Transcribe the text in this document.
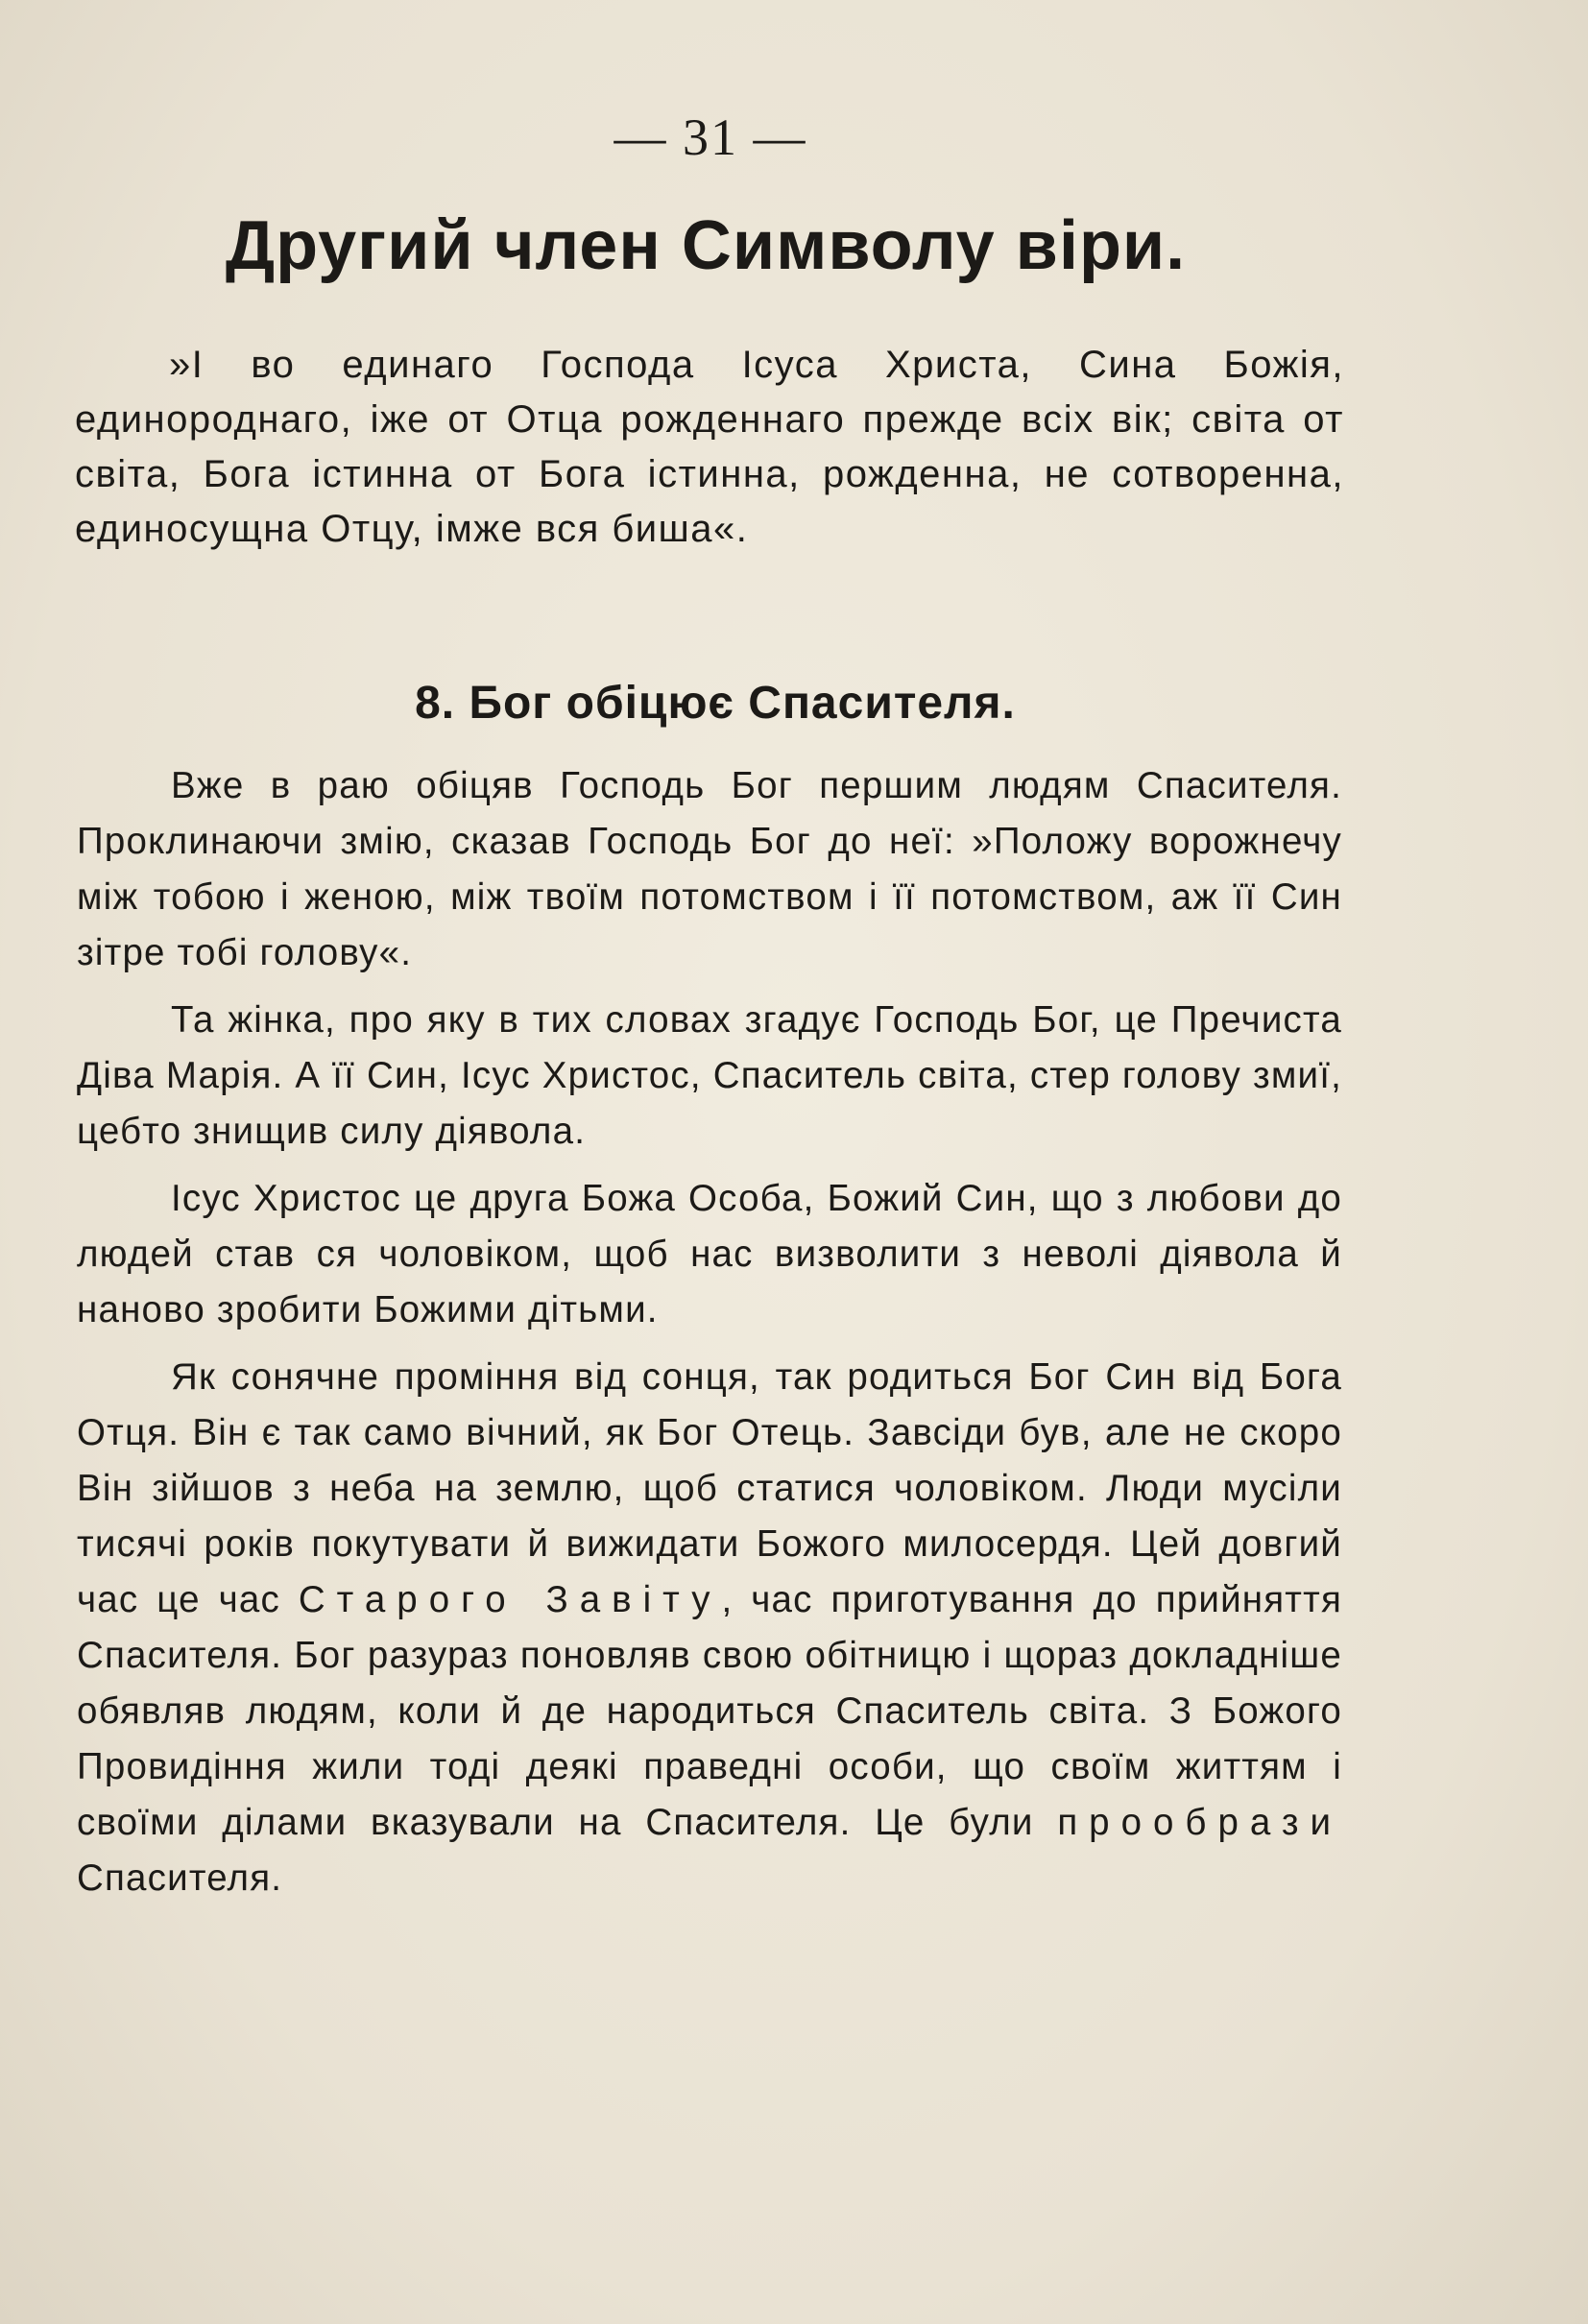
— 31 —
Другий член Символу віри.

»І во единаго Господа Ісуса Христа, Сина Божія, единороднаго, іже от Отца рожденнаго прежде всіх вік; світа от світа, Бога істинна от Бога істинна, рожденна, не сотворенна, единосущна Отцу, імже вся биша«.

8. Бог обіцює Спасителя.

Вже в раю обіцяв Господь Бог першим людям Спасителя. Проклинаючи змію, сказав Господь Бог до неї: »Положу ворожнечу між тобою і женою, між твоїм потомством і її потомством, аж її Син зітре тобі голову«.

Та жінка, про яку в тих словах згадує Господь Бог, це Пречиста Діва Марія. А її Син, Ісус Христос, Спаситель світа, стер голову змиї, цебто знищив силу діявола.

Ісус Христос це друга Божа Особа, Божий Син, що з любови до людей став ся чоловіком, щоб нас визволити з неволі діявола й наново зробити Божими дітьми.

Як сонячне проміння від сонця, так родиться Бог Син від Бога Отця. Він є так само вічний, як Бог Отець. Завсіди був, але не скоро Він зійшов з неба на землю, щоб статися чоловіком. Люди мусіли тисячі років покутувати й вижидати Божого милосердя. Цей довгий час це час Старого Завіту, час приготування до прийняття Спасителя. Бог разураз поновляв свою обітницю і щораз докладніше обявляв людям, коли й де народиться Спаситель світа. З Божого Провидіння жили тоді деякі праведні особи, що своїм життям і своїми ділами вказували на Спасителя. Це були прообрази Спасителя.
